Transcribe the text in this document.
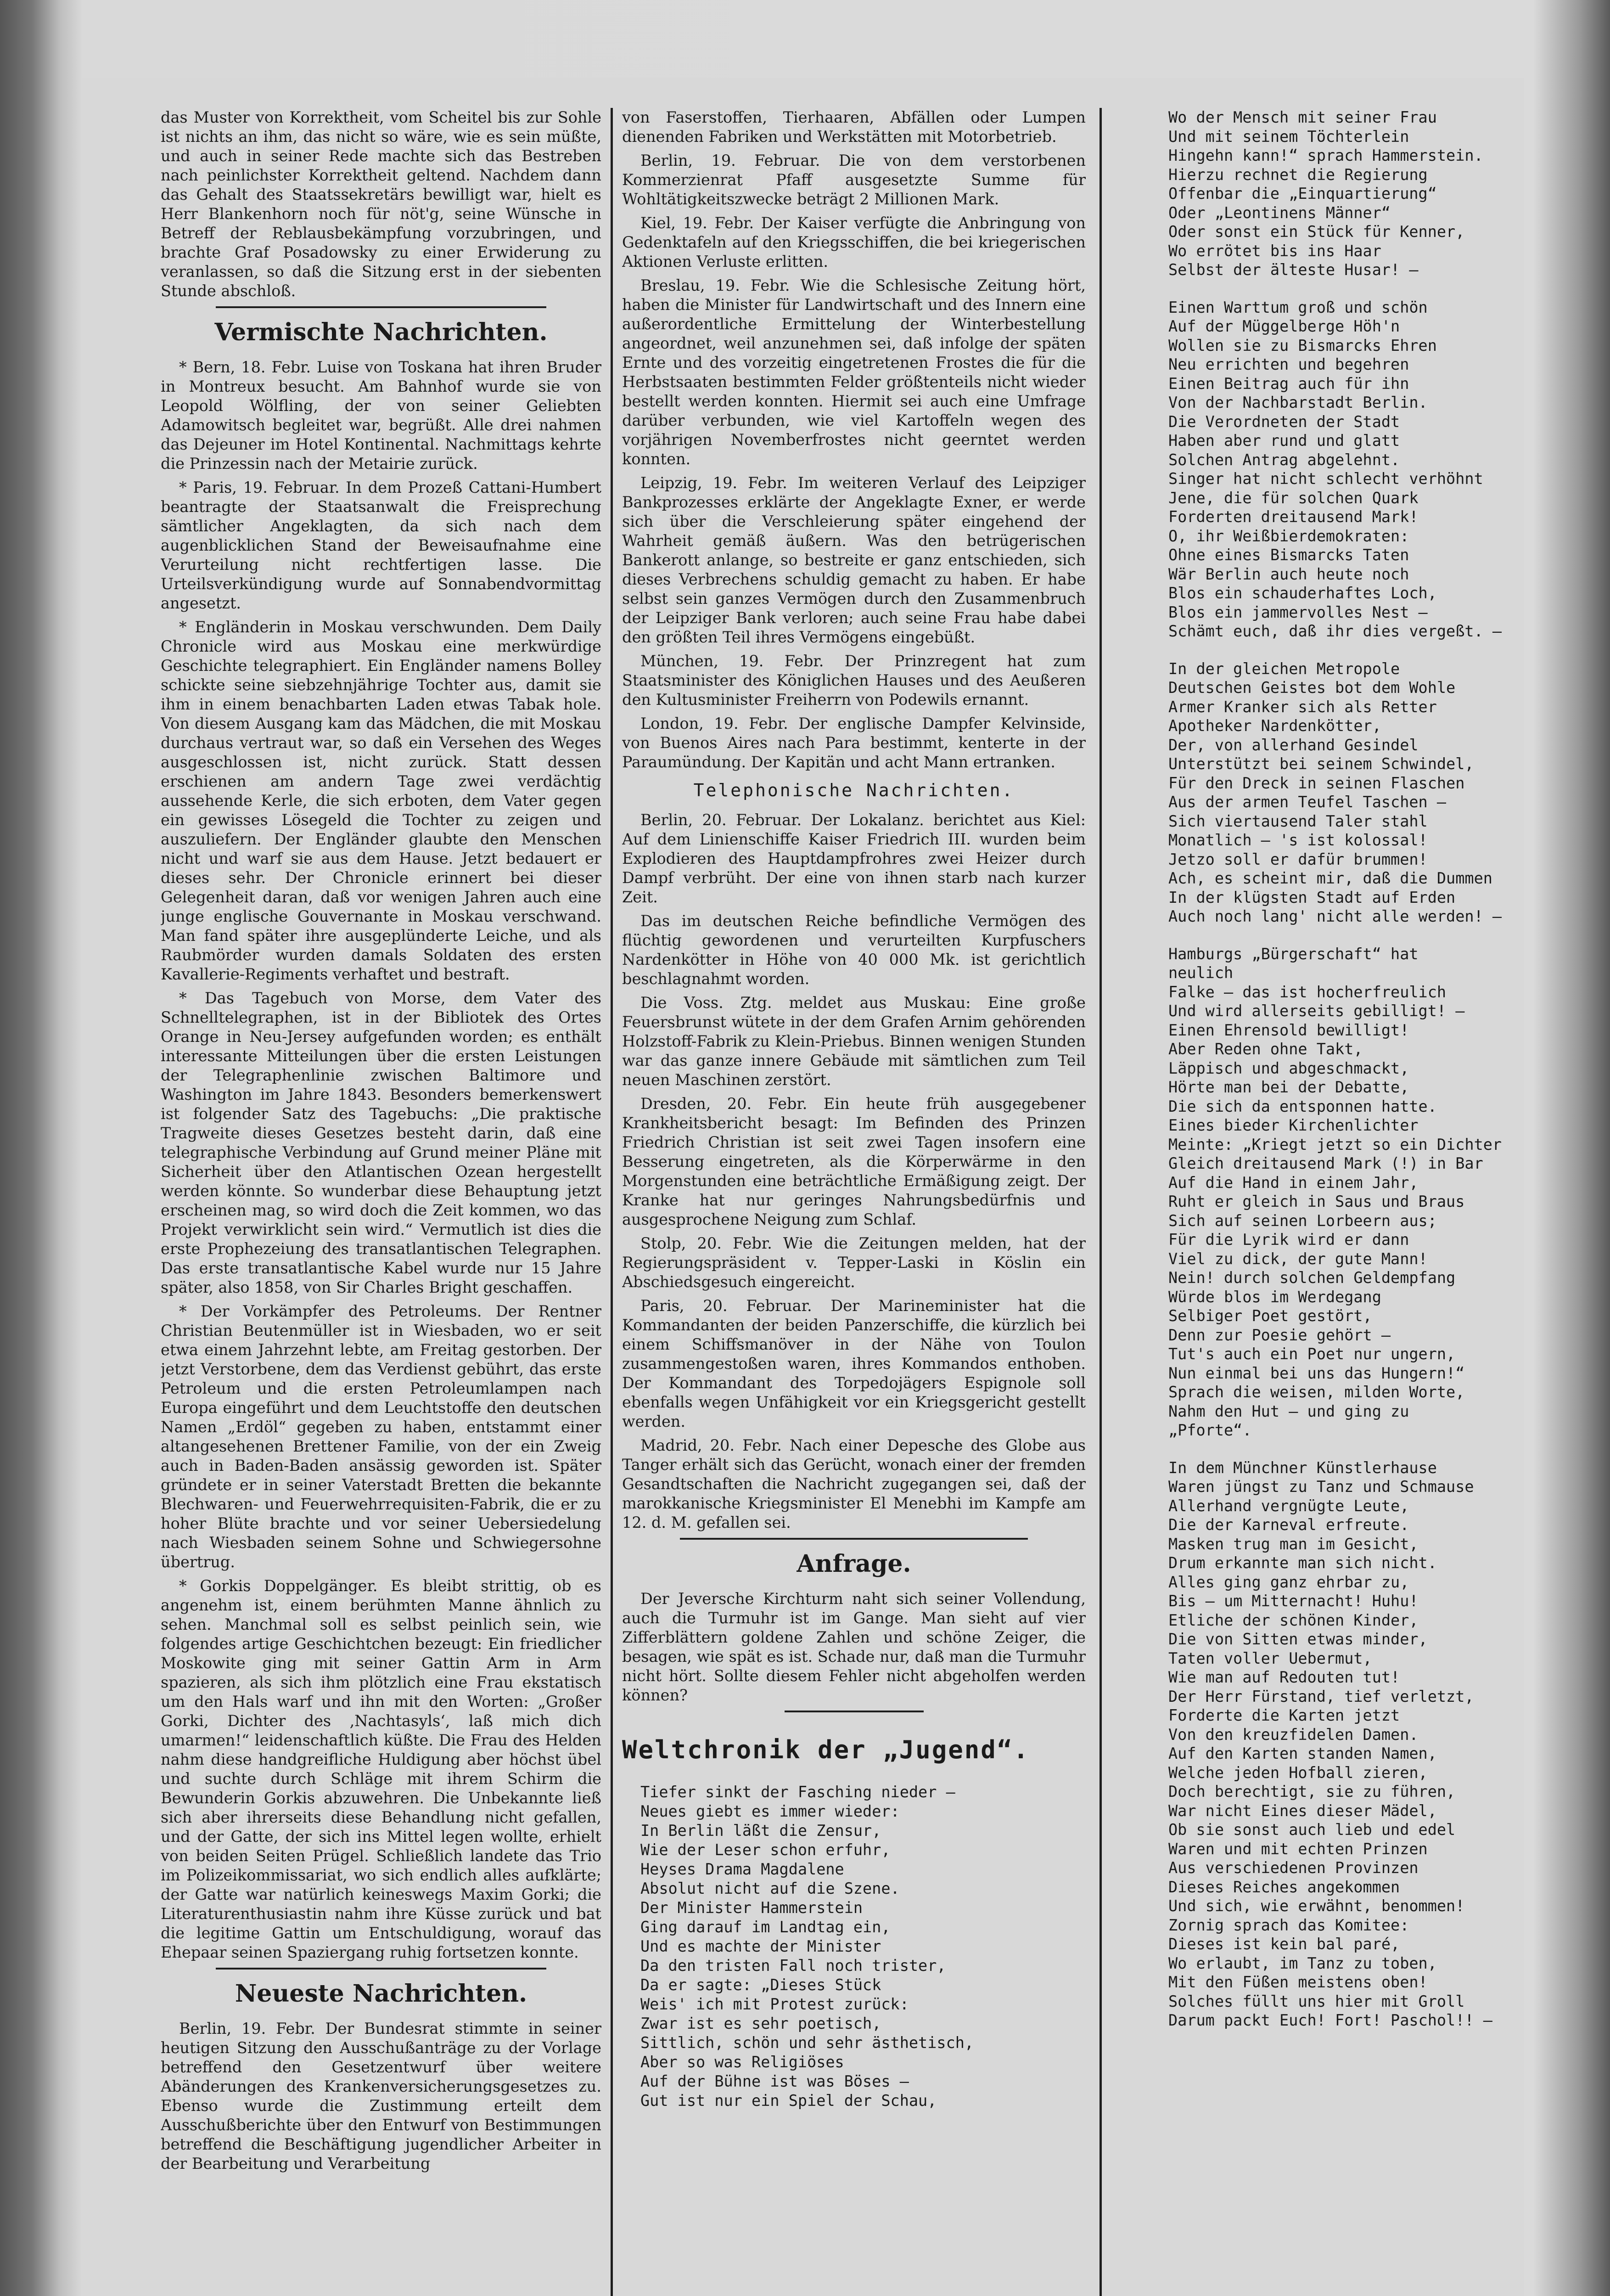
das Muster von Korrektheit, vom Scheitel bis zur Sohle ist nichts an ihm, das nicht so wäre, wie es sein müßte, und auch in seiner Rede machte sich das Bestreben nach peinlichster Korrektheit geltend. Nachdem dann das Gehalt des Staatssekretärs bewilligt war, hielt es Herr Blankenhorn noch für nöt'g, seine Wünsche in Betreff der Reblausbekämpfung vorzubringen, und brachte Graf Posadowsky zu einer Erwiderung zu veranlassen, so daß die Sitzung erst in der siebenten Stunde abschloß.

Vermischte Nachrichten.

* Bern, 18. Febr. Luise von Toskana hat ihren Bruder in Montreux besucht. Am Bahnhof wurde sie von Leopold Wölfling, der von seiner Geliebten Adamowitsch begleitet war, begrüßt. Alle drei nahmen das Dejeuner im Hotel Kontinental. Nachmittags kehrte die Prinzessin nach der Metairie zurück.

* Paris, 19. Februar. In dem Prozeß Cattani-Humbert beantragte der Staatsanwalt die Freisprechung sämtlicher Angeklagten, da sich nach dem augenblicklichen Stand der Beweisaufnahme eine Verurteilung nicht rechtfertigen lasse. Die Urteilsverkündigung wurde auf Sonnabendvormittag angesetzt.

* Engländerin in Moskau verschwunden. Dem Daily Chronicle wird aus Moskau eine merkwürdige Geschichte telegraphiert. Ein Engländer namens Bolley schickte seine siebzehnjährige Tochter aus, damit sie ihm in einem benachbarten Laden etwas Tabak hole. Von diesem Ausgang kam das Mädchen, die mit Moskau durchaus vertraut war, so daß ein Versehen des Weges ausgeschlossen ist, nicht zurück. Statt dessen erschienen am andern Tage zwei verdächtig aussehende Kerle, die sich erboten, dem Vater gegen ein gewisses Lösegeld die Tochter zu zeigen und auszuliefern. Der Engländer glaubte den Menschen nicht und warf sie aus dem Hause. Jetzt bedauert er dieses sehr. Der Chronicle erinnert bei dieser Gelegenheit daran, daß vor wenigen Jahren auch eine junge englische Gouvernante in Moskau verschwand. Man fand später ihre ausgeplünderte Leiche, und als Raubmörder wurden damals Soldaten des ersten Kavallerie-Regiments verhaftet und bestraft.

* Das Tagebuch von Morse, dem Vater des Schnelltelegraphen, ist in der Bibliotek des Ortes Orange in Neu-Jersey aufgefunden worden; es enthält interessante Mitteilungen über die ersten Leistungen der Telegraphenlinie zwischen Baltimore und Washington im Jahre 1843. Besonders bemerkenswert ist folgender Satz des Tagebuchs: „Die praktische Tragweite dieses Gesetzes besteht darin, daß eine telegraphische Verbindung auf Grund meiner Pläne mit Sicherheit über den Atlantischen Ozean hergestellt werden könnte. So wunderbar diese Behauptung jetzt erscheinen mag, so wird doch die Zeit kommen, wo das Projekt verwirklicht sein wird.“ Vermutlich ist dies die erste Prophezeiung des transatlantischen Telegraphen. Das erste transatlantische Kabel wurde nur 15 Jahre später, also 1858, von Sir Charles Bright geschaffen.

* Der Vorkämpfer des Petroleums. Der Rentner Christian Beutenmüller ist in Wiesbaden, wo er seit etwa einem Jahrzehnt lebte, am Freitag gestorben. Der jetzt Verstorbene, dem das Verdienst gebührt, das erste Petroleum und die ersten Petroleumlampen nach Europa eingeführt und dem Leuchtstoffe den deutschen Namen „Erdöl“ gegeben zu haben, entstammt einer altangesehenen Brettener Familie, von der ein Zweig auch in Baden-Baden ansässig geworden ist. Später gründete er in seiner Vaterstadt Bretten die bekannte Blechwaren- und Feuerwehrrequisiten-Fabrik, die er zu hoher Blüte brachte und vor seiner Uebersiedelung nach Wiesbaden seinem Sohne und Schwiegersohne übertrug.

* Gorkis Doppelgänger. Es bleibt strittig, ob es angenehm ist, einem berühmten Manne ähnlich zu sehen. Manchmal soll es selbst peinlich sein, wie folgendes artige Geschichtchen bezeugt: Ein friedlicher Moskowite ging mit seiner Gattin Arm in Arm spazieren, als sich ihm plötzlich eine Frau ekstatisch um den Hals warf und ihn mit den Worten: „Großer Gorki, Dichter des ‚Nachtasyls‘, laß mich dich umarmen!“ leidenschaftlich küßte. Die Frau des Helden nahm diese handgreifliche Huldigung aber höchst übel und suchte durch Schläge mit ihrem Schirm die Bewunderin Gorkis abzuwehren. Die Unbekannte ließ sich aber ihrerseits diese Behandlung nicht gefallen, und der Gatte, der sich ins Mittel legen wollte, erhielt von beiden Seiten Prügel. Schließlich landete das Trio im Polizeikommissariat, wo sich endlich alles aufklärte; der Gatte war natürlich keineswegs Maxim Gorki; die Literaturenthusiastin nahm ihre Küsse zurück und bat die legitime Gattin um Entschuldigung, worauf das Ehepaar seinen Spaziergang ruhig fortsetzen konnte.

Neueste Nachrichten.

Berlin, 19. Febr. Der Bundesrat stimmte in seiner heutigen Sitzung den Ausschußanträge zu der Vorlage betreffend den Gesetzentwurf über weitere Abänderungen des Krankenversicherungsgesetzes zu. Ebenso wurde die Zustimmung erteilt dem Ausschußberichte über den Entwurf von Bestimmungen betreffend die Beschäftigung jugendlicher Arbeiter in der Bearbeitung und Verarbeitung

von Faserstoffen, Tierhaaren, Abfällen oder Lumpen dienenden Fabriken und Werkstätten mit Motorbetrieb.

Berlin, 19. Februar. Die von dem verstorbenen Kommerzienrat Pfaff ausgesetzte Summe für Wohltätigkeitszwecke beträgt 2 Millionen Mark.

Kiel, 19. Febr. Der Kaiser verfügte die Anbringung von Gedenktafeln auf den Kriegsschiffen, die bei kriegerischen Aktionen Verluste erlitten.

Breslau, 19. Febr. Wie die Schlesische Zeitung hört, haben die Minister für Landwirtschaft und des Innern eine außerordentliche Ermittelung der Winterbestellung angeordnet, weil anzunehmen sei, daß infolge der späten Ernte und des vorzeitig eingetretenen Frostes die für die Herbstsaaten bestimmten Felder größtenteils nicht wieder bestellt werden konnten. Hiermit sei auch eine Umfrage darüber verbunden, wie viel Kartoffeln wegen des vorjährigen Novemberfrostes nicht geerntet werden konnten.

Leipzig, 19. Febr. Im weiteren Verlauf des Leipziger Bankprozesses erklärte der Angeklagte Exner, er werde sich über die Verschleierung später eingehend der Wahrheit gemäß äußern. Was den betrügerischen Bankerott anlange, so bestreite er ganz entschieden, sich dieses Verbrechens schuldig gemacht zu haben. Er habe selbst sein ganzes Vermögen durch den Zusammenbruch der Leipziger Bank verloren; auch seine Frau habe dabei den größten Teil ihres Vermögens eingebüßt.

München, 19. Febr. Der Prinzregent hat zum Staatsminister des Königlichen Hauses und des Aeußeren den Kultusminister Freiherrn von Podewils ernannt.

London, 19. Febr. Der englische Dampfer Kelvinside, von Buenos Aires nach Para bestimmt, kenterte in der Paraumündung. Der Kapitän und acht Mann ertranken.

Telephonische Nachrichten.

Berlin, 20. Februar. Der Lokalanz. berichtet aus Kiel: Auf dem Linienschiffe Kaiser Friedrich III. wurden beim Explodieren des Hauptdampfrohres zwei Heizer durch Dampf verbrüht. Der eine von ihnen starb nach kurzer Zeit.

Das im deutschen Reiche befindliche Vermögen des flüchtig gewordenen und verurteilten Kurpfuschers Nardenkötter in Höhe von 40 000 Mk. ist gerichtlich beschlagnahmt worden.

Die Voss. Ztg. meldet aus Muskau: Eine große Feuersbrunst wütete in der dem Grafen Arnim gehörenden Holzstoff-Fabrik zu Klein-Priebus. Binnen wenigen Stunden war das ganze innere Gebäude mit sämtlichen zum Teil neuen Maschinen zerstört.

Dresden, 20. Febr. Ein heute früh ausgegebener Krankheitsbericht besagt: Im Befinden des Prinzen Friedrich Christian ist seit zwei Tagen insofern eine Besserung eingetreten, als die Körperwärme in den Morgenstunden eine beträchtliche Ermäßigung zeigt. Der Kranke hat nur geringes Nahrungsbedürfnis und ausgesprochene Neigung zum Schlaf.

Stolp, 20. Febr. Wie die Zeitungen melden, hat der Regierungspräsident v. Tepper-Laski in Köslin ein Abschiedsgesuch eingereicht.

Paris, 20. Februar. Der Marineminister hat die Kommandanten der beiden Panzerschiffe, die kürzlich bei einem Schiffsmanöver in der Nähe von Toulon zusammengestoßen waren, ihres Kommandos enthoben. Der Kommandant des Torpedojägers Espignole soll ebenfalls wegen Unfähigkeit vor ein Kriegsgericht gestellt werden.

Madrid, 20. Febr. Nach einer Depesche des Globe aus Tanger erhält sich das Gerücht, wonach einer der fremden Gesandtschaften die Nachricht zugegangen sei, daß der marokkanische Kriegsminister El Menebhi im Kampfe am 12. d. M. gefallen sei.

Anfrage.

Der Jeversche Kirchturm naht sich seiner Vollendung, auch die Turmuhr ist im Gange. Man sieht auf vier Zifferblättern goldene Zahlen und schöne Zeiger, die besagen, wie spät es ist. Schade nur, daß man die Turmuhr nicht hört. Sollte diesem Fehler nicht abgeholfen werden können?

Weltchronik der „Jugend“.
Tiefer sinkt der Fasching nieder —
Neues giebt es immer wieder:
In Berlin läßt die Zensur,
Wie der Leser schon erfuhr,
Heyses Drama Magdalene
Absolut nicht auf die Szene.
Der Minister Hammerstein
Ging darauf im Landtag ein,
Und es machte der Minister
Da den tristen Fall noch trister,
Da er sagte: „Dieses Stück
Weis' ich mit Protest zurück:
Zwar ist es sehr poetisch,
Sittlich, schön und sehr ästhetisch,
Aber so was Religiöses
Auf der Bühne ist was Böses —
Gut ist nur ein Spiel der Schau,
Wo der Mensch mit seiner Frau
Und mit seinem Töchterlein
Hingehn kann!“ sprach Hammerstein.
Hierzu rechnet die Regierung
Offenbar die „Einquartierung“
Oder „Leontinens Männer“
Oder sonst ein Stück für Kenner,
Wo errötet bis ins Haar
Selbst der älteste Husar! —
Einen Warttum groß und schön
Auf der Müggelberge Höh'n
Wollen sie zu Bismarcks Ehren
Neu errichten und begehren
Einen Beitrag auch für ihn
Von der Nachbarstadt Berlin.
Die Verordneten der Stadt
Haben aber rund und glatt
Solchen Antrag abgelehnt.
Singer hat nicht schlecht verhöhnt
Jene, die für solchen Quark
Forderten dreitausend Mark!
O, ihr Weißbierdemokraten:
Ohne eines Bismarcks Taten
Wär Berlin auch heute noch
Blos ein schauderhaftes Loch,
Blos ein jammervolles Nest —
Schämt euch, daß ihr dies vergeßt. —
In der gleichen Metropole
Deutschen Geistes bot dem Wohle
Armer Kranker sich als Retter
Apotheker Nardenkötter,
Der, von allerhand Gesindel
Unterstützt bei seinem Schwindel,
Für den Dreck in seinen Flaschen
Aus der armen Teufel Taschen —
Sich viertausend Taler stahl
Monatlich — 's ist kolossal!
Jetzo soll er dafür brummen!
Ach, es scheint mir, daß die Dummen
In der klügsten Stadt auf Erden
Auch noch lang' nicht alle werden! —
Hamburgs „Bürgerschaft“ hat
neulich
Falke — das ist hocherfreulich
Und wird allerseits gebilligt! —
Einen Ehrensold bewilligt!
Aber Reden ohne Takt,
Läppisch und abgeschmackt,
Hörte man bei der Debatte,
Die sich da entsponnen hatte.
Eines bieder Kirchenlichter
Meinte: „Kriegt jetzt so ein Dichter
Gleich dreitausend Mark (!) in Bar
Auf die Hand in einem Jahr,
Ruht er gleich in Saus und Braus
Sich auf seinen Lorbeern aus;
Für die Lyrik wird er dann
Viel zu dick, der gute Mann!
Nein! durch solchen Geldempfang
Würde blos im Werdegang
Selbiger Poet gestört,
Denn zur Poesie gehört —
Tut's auch ein Poet nur ungern,
Nun einmal bei uns das Hungern!“
Sprach die weisen, milden Worte,
Nahm den Hut — und ging zu
„Pforte“.
In dem Münchner Künstlerhause
Waren jüngst zu Tanz und Schmause
Allerhand vergnügte Leute,
Die der Karneval erfreute.
Masken trug man im Gesicht,
Drum erkannte man sich nicht.
Alles ging ganz ehrbar zu,
Bis — um Mitternacht! Huhu!
Etliche der schönen Kinder,
Die von Sitten etwas minder,
Taten voller Uebermut,
Wie man auf Redouten tut!
Der Herr Fürstand, tief verletzt,
Forderte die Karten jetzt
Von den kreuzfidelen Damen.
Auf den Karten standen Namen,
Welche jeden Hofball zieren,
Doch berechtigt, sie zu führen,
War nicht Eines dieser Mädel,
Ob sie sonst auch lieb und edel
Waren und mit echten Prinzen
Aus verschiedenen Provinzen
Dieses Reiches angekommen
Und sich, wie erwähnt, benommen!
Zornig sprach das Komitee:
Dieses ist kein bal paré,
Wo erlaubt, im Tanz zu toben,
Mit den Füßen meistens oben!
Solches füllt uns hier mit Groll
Darum packt Euch! Fort! Paschol!! —
